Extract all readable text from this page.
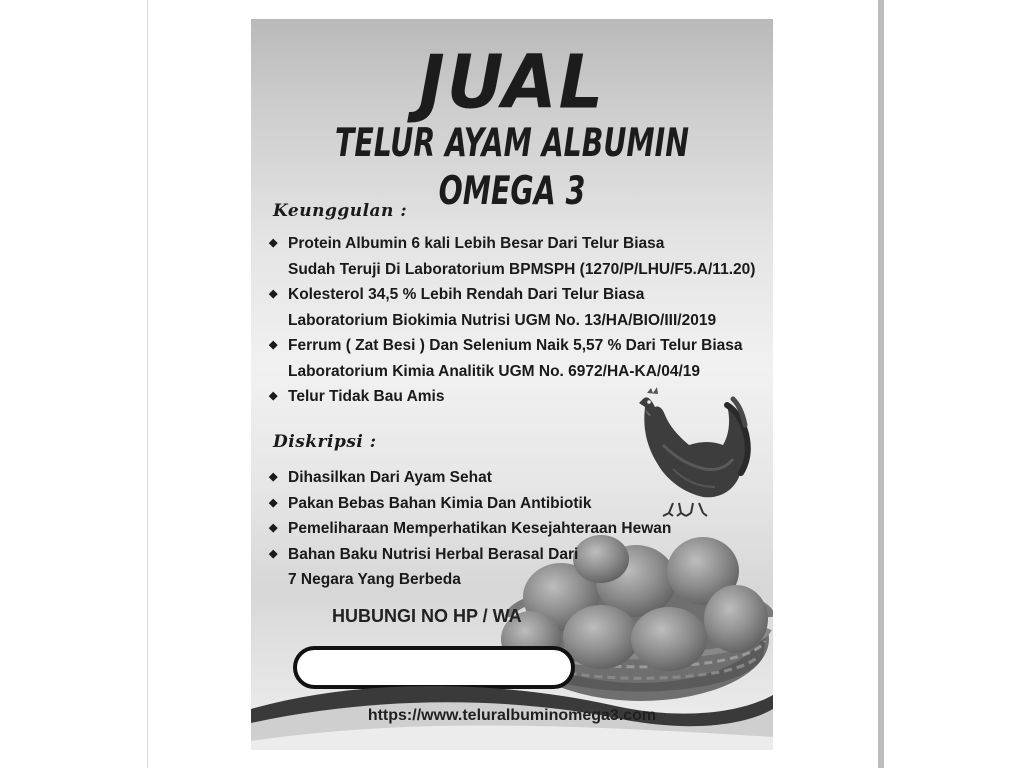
JUAL
TELUR AYAM ALBUMIN OMEGA 3
Keunggulan :
◆ Protein Albumin 6 kali Lebih Besar Dari Telur Biasa
Sudah Teruji Di Laboratorium BPMSPH (1270/P/LHU/F5.A/11.20)
◆ Kolesterol 34,5 % Lebih Rendah Dari Telur Biasa
Laboratorium Biokimia Nutrisi UGM No. 13/HA/BIO/III/2019
◆ Ferrum ( Zat Besi ) Dan Selenium Naik 5,57 % Dari Telur Biasa
Laboratorium Kimia Analitik UGM No. 6972/HA-KA/04/19
◆ Telur Tidak Bau Amis
Diskripsi :
◆ Dihasilkan Dari Ayam Sehat
◆ Pakan Bebas Bahan Kimia Dan Antibiotik
◆ Pemeliharaan Memperhatikan Kesejahteraan Hewan
◆ Bahan Baku Nutrisi Herbal Berasal Dari
7 Negara Yang Berbeda
HUBUNGI NO HP / WA
https://www.teluralbuminomega3.com
